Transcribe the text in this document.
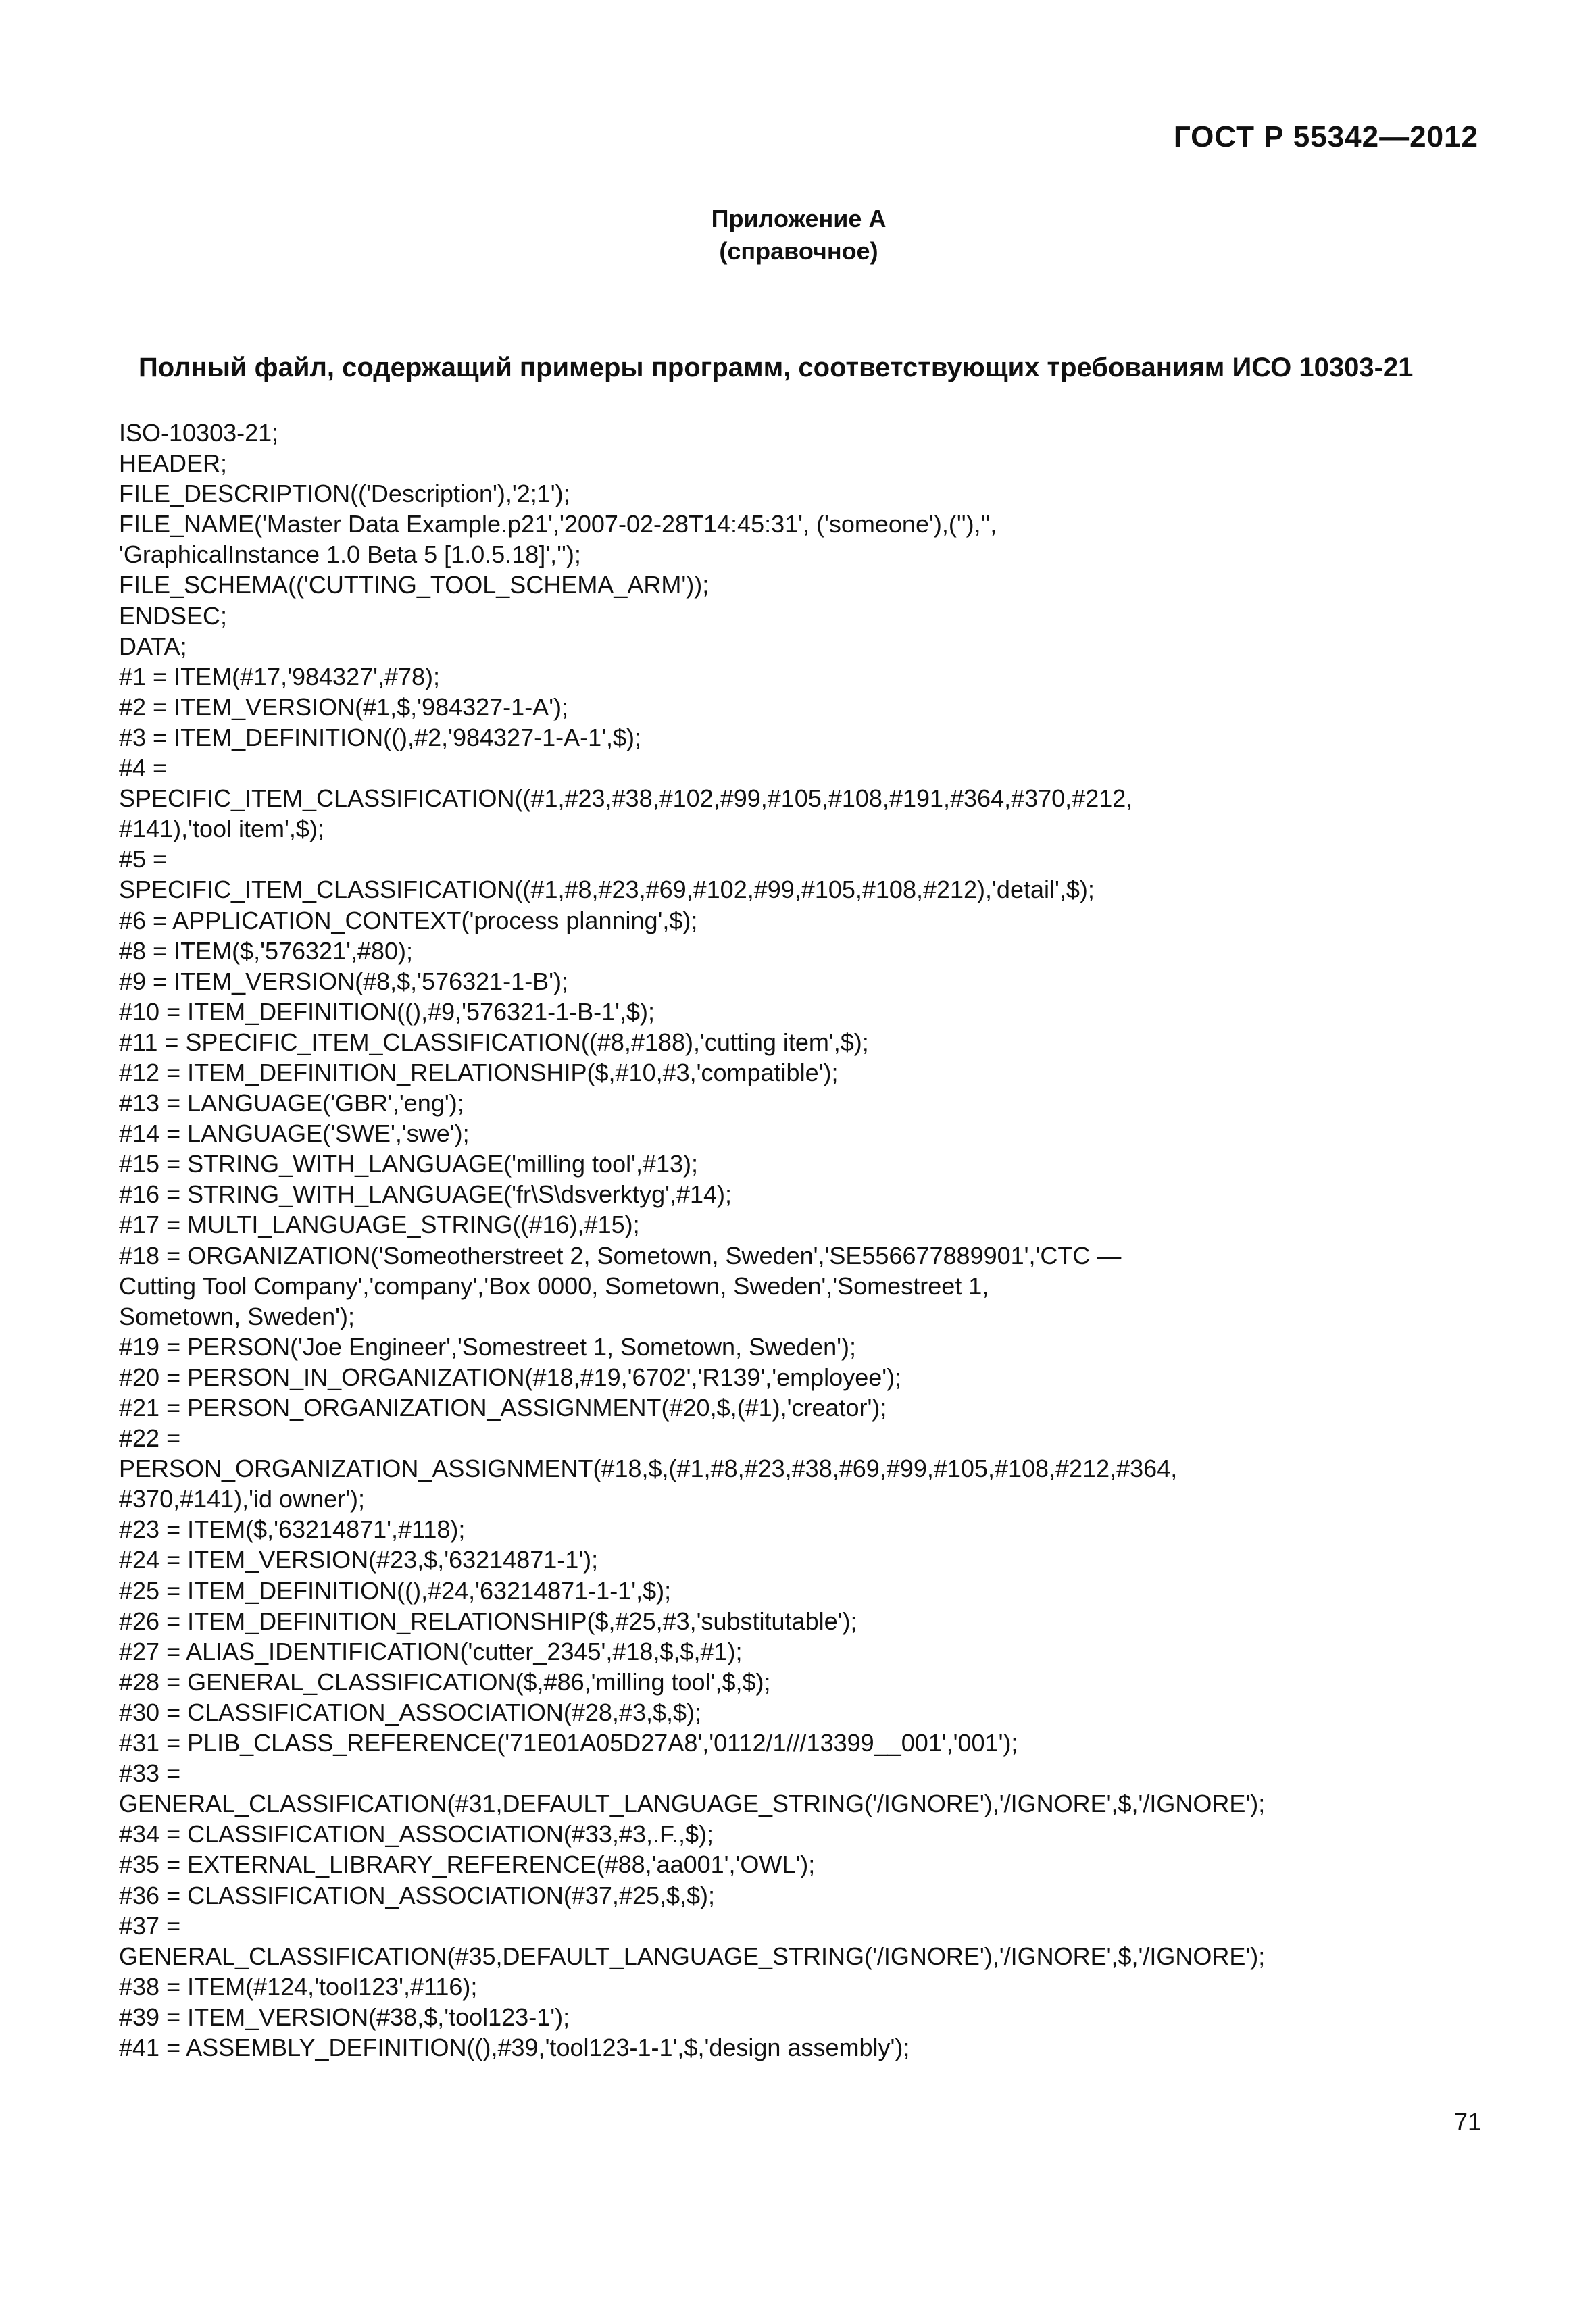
ГОСТ Р 55342—2012
Приложение А
(справочное)
Полный файл, содержащий примеры программ, соответствующих требованиям ИСО 10303-21
ISO-10303-21;
HEADER;
FILE_DESCRIPTION(('Description'),'2;1');
FILE_NAME('Master Data Example.p21','2007-02-28T14:45:31', ('someone'),(''),'',
'GraphicalInstance 1.0 Beta 5 [1.0.5.18]','');
FILE_SCHEMA(('CUTTING_TOOL_SCHEMA_ARM'));
ENDSEC;
DATA;
#1 = ITEM(#17,'984327',#78);
#2 = ITEM_VERSION(#1,$,'984327-1-A');
#3 = ITEM_DEFINITION((),#2,'984327-1-A-1',$);
#4 =
SPECIFIC_ITEM_CLASSIFICATION((#1,#23,#38,#102,#99,#105,#108,#191,#364,#370,#212,
#141),'tool item',$);
#5 =
SPECIFIC_ITEM_CLASSIFICATION((#1,#8,#23,#69,#102,#99,#105,#108,#212),'detail',$);
#6 = APPLICATION_CONTEXT('process planning',$);
#8 = ITEM($,'576321',#80);
#9 = ITEM_VERSION(#8,$,'576321-1-B');
#10 = ITEM_DEFINITION((),#9,'576321-1-B-1',$);
#11 = SPECIFIC_ITEM_CLASSIFICATION((#8,#188),'cutting item',$);
#12 = ITEM_DEFINITION_RELATIONSHIP($,#10,#3,'compatible');
#13 = LANGUAGE('GBR','eng');
#14 = LANGUAGE('SWE','swe');
#15 = STRING_WITH_LANGUAGE('milling tool',#13);
#16 = STRING_WITH_LANGUAGE('fr\S\dsverktyg',#14);
#17 = MULTI_LANGUAGE_STRING((#16),#15);
#18 = ORGANIZATION('Someotherstreet 2, Sometown, Sweden','SE556677889901','CTC —
Cutting Tool Company','company','Box 0000, Sometown, Sweden','Somestreet 1,
Sometown, Sweden');
#19 = PERSON('Joe Engineer','Somestreet 1, Sometown, Sweden');
#20 = PERSON_IN_ORGANIZATION(#18,#19,'6702','R139','employee');
#21 = PERSON_ORGANIZATION_ASSIGNMENT(#20,$,(#1),'creator');
#22 =
PERSON_ORGANIZATION_ASSIGNMENT(#18,$,(#1,#8,#23,#38,#69,#99,#105,#108,#212,#364,
#370,#141),'id owner');
#23 = ITEM($,'63214871',#118);
#24 = ITEM_VERSION(#23,$,'63214871-1');
#25 = ITEM_DEFINITION((),#24,'63214871-1-1',$);
#26 = ITEM_DEFINITION_RELATIONSHIP($,#25,#3,'substitutable');
#27 = ALIAS_IDENTIFICATION('cutter_2345',#18,$,$,#1);
#28 = GENERAL_CLASSIFICATION($,#86,'milling tool',$,$);
#30 = CLASSIFICATION_ASSOCIATION(#28,#3,$,$);
#31 = PLIB_CLASS_REFERENCE('71E01A05D27A8','0112/1///13399__001','001');
#33 =
GENERAL_CLASSIFICATION(#31,DEFAULT_LANGUAGE_STRING('/IGNORE'),'/IGNORE',$,'/IGNORE');
#34 = CLASSIFICATION_ASSOCIATION(#33,#3,.F.,$);
#35 = EXTERNAL_LIBRARY_REFERENCE(#88,'aa001','OWL');
#36 = CLASSIFICATION_ASSOCIATION(#37,#25,$,$);
#37 =
GENERAL_CLASSIFICATION(#35,DEFAULT_LANGUAGE_STRING('/IGNORE'),'/IGNORE',$,'/IGNORE');
#38 = ITEM(#124,'tool123',#116);
#39 = ITEM_VERSION(#38,$,'tool123-1');
#41 = ASSEMBLY_DEFINITION((),#39,'tool123-1-1',$,'design assembly');
71
